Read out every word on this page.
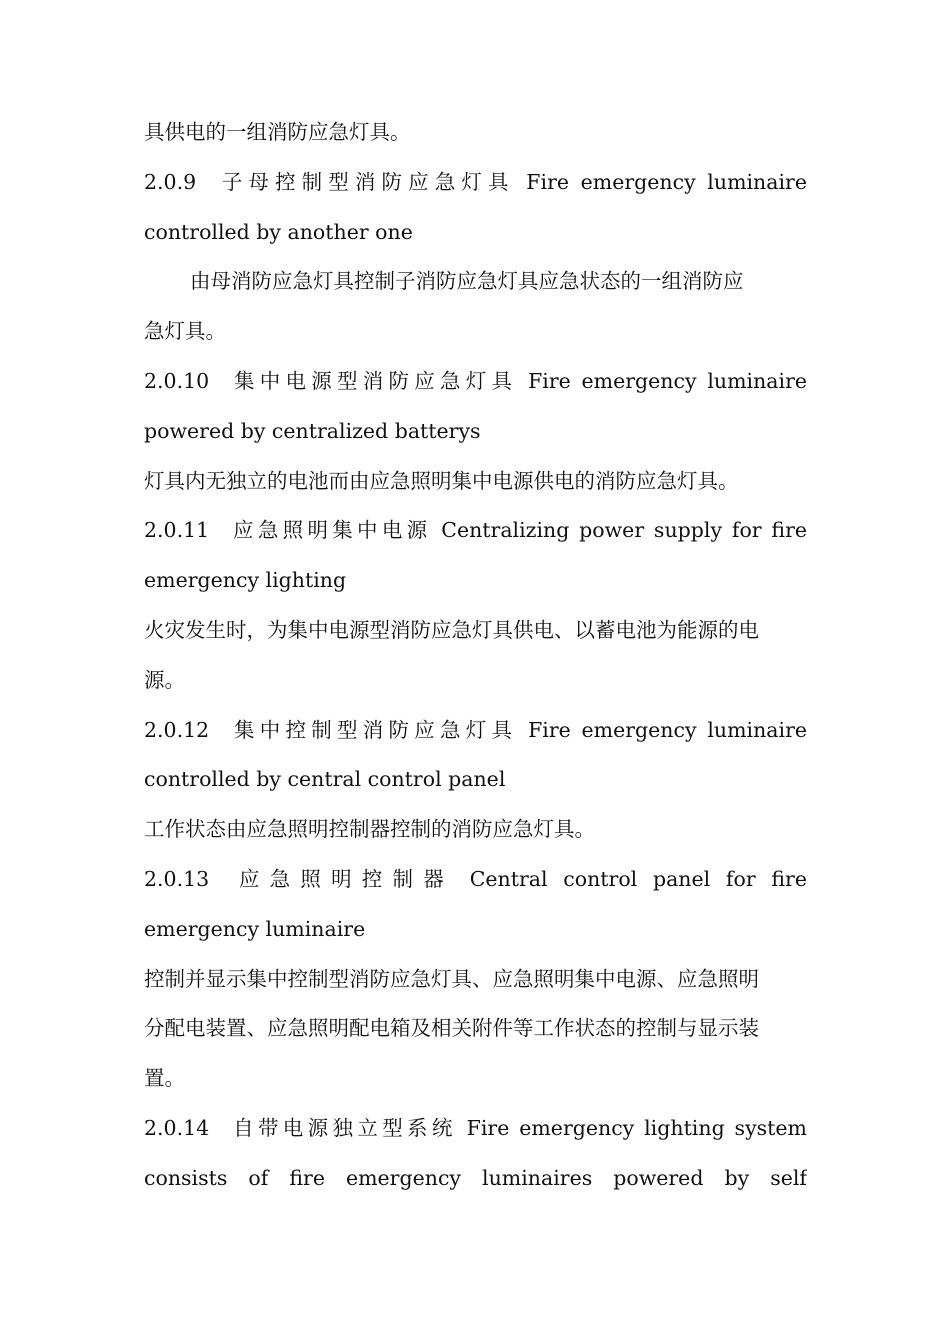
具供电的一组消防应急灯具。
2.0.9 子母控制型消防应急灯具 Fire emergency luminaire
controlled by another one
由母消防应急灯具控制子消防应急灯具应急状态的一组消防应
急灯具。
2.0.10 集中电源型消防应急灯具 Fire emergency luminaire
powered by centralized batterys
灯具内无独立的电池而由应急照明集中电源供电的消防应急灯具。
2.0.11 应急照明集中电源 Centralizing power supply for fire
emergency lighting
火灾发生时，为集中电源型消防应急灯具供电、以蓄电池为能源的电
源。
2.0.12 集中控制型消防应急灯具 Fire emergency luminaire
controlled by central control panel
工作状态由应急照明控制器控制的消防应急灯具。
2.0.13 应急照明控制器 Central control panel for fire
emergency luminaire
控制并显示集中控制型消防应急灯具、应急照明集中电源、应急照明
分配电装置、应急照明配电箱及相关附件等工作状态的控制与显示装
置。
2.0.14 自带电源独立型系统 Fire emergency lighting system
consists of fire emergency luminaires powered by self
